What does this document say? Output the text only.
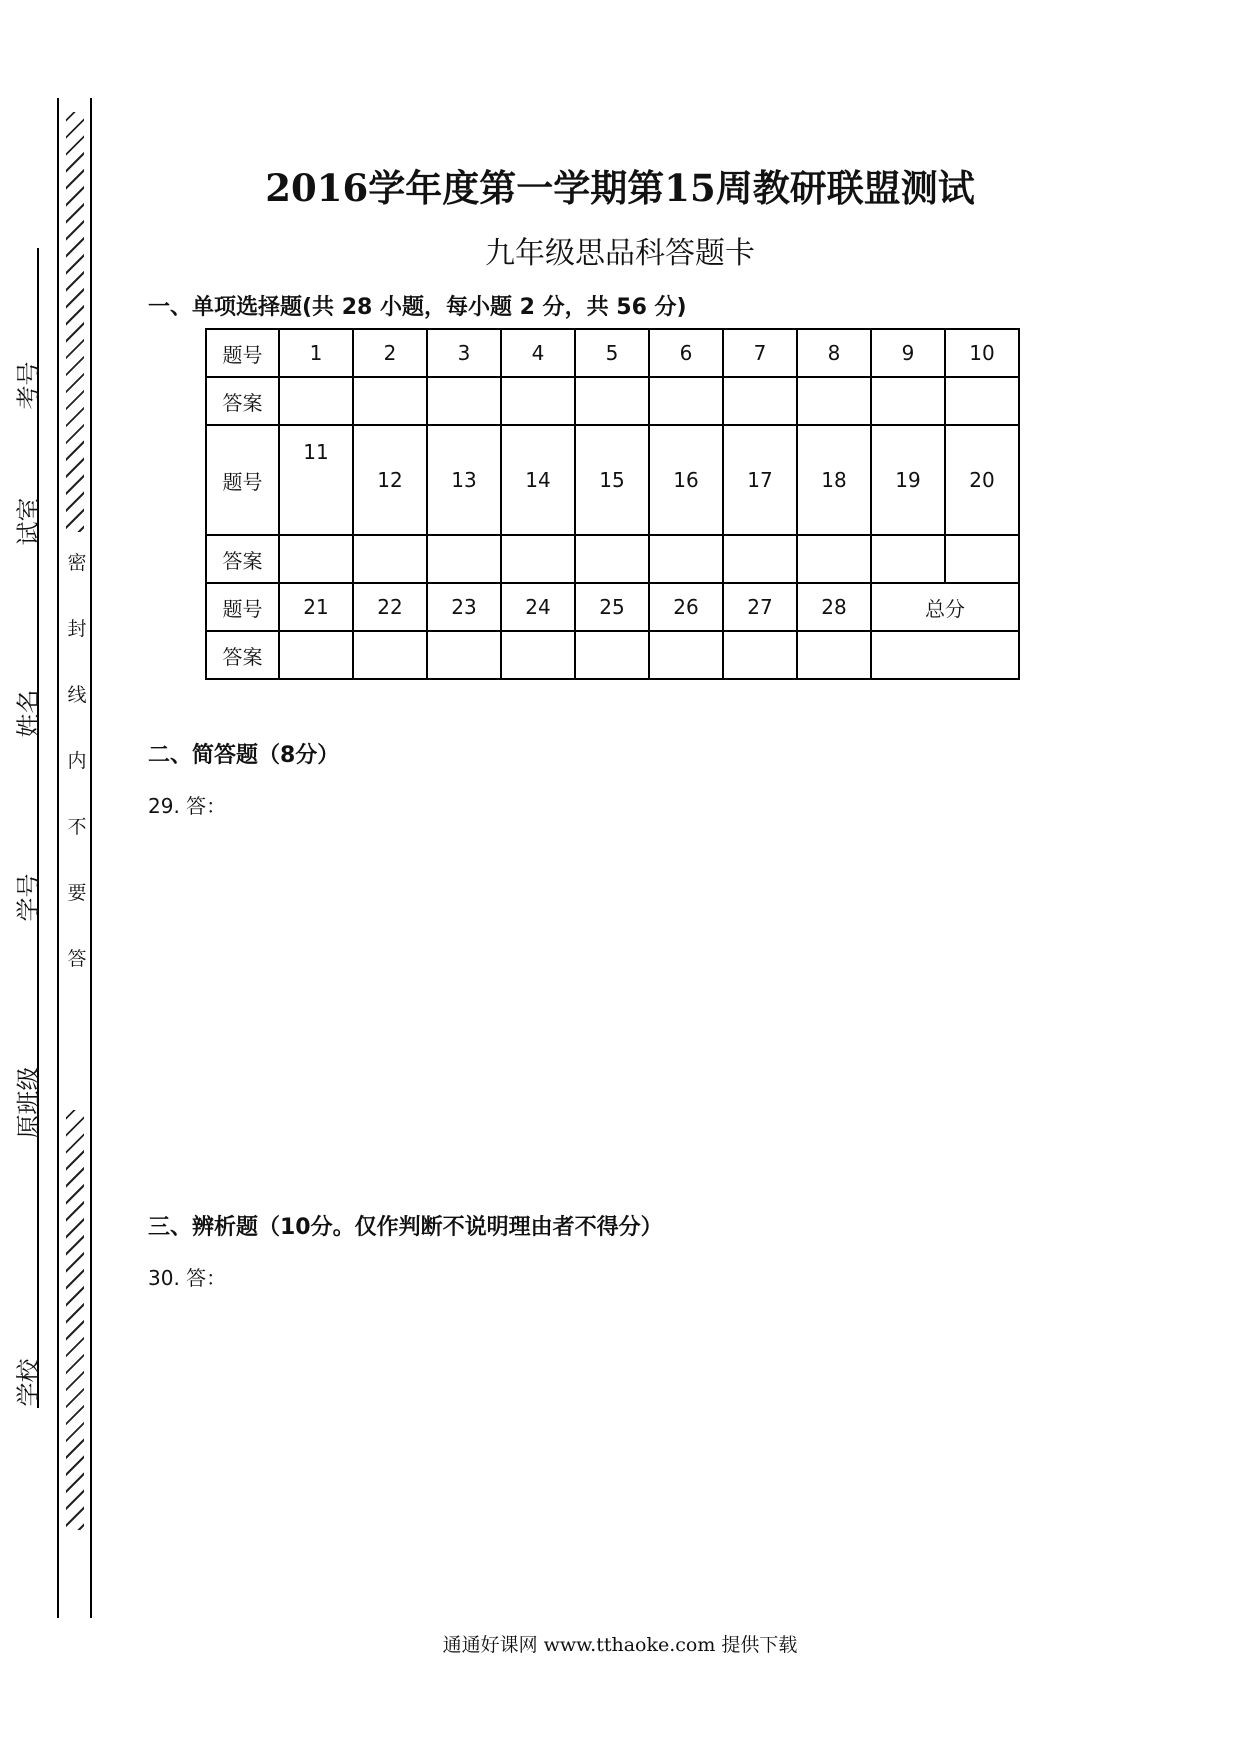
考号
试室
姓名
学号
原班级
学校
密
封
线
内
不
要
答
2016学年度第一学期第15周教研联盟测试
九年级思品科答题卡
一、单项选择题(共 28 小题，每小题 2 分，共 56 分)
题号	1	2	3	4	5	6	7	8	9	10
答案										
题号	11	12	13	14	15	16	17	18	19	20
答案										
题号	21	22	23	24	25	26	27	28	总分	
答案										
二、简答题（8分）
29. 答：
三、辨析题（10分。仅作判断不说明理由者不得分）
30. 答：
通通好课网 www.tthaoke.com 提供下载
